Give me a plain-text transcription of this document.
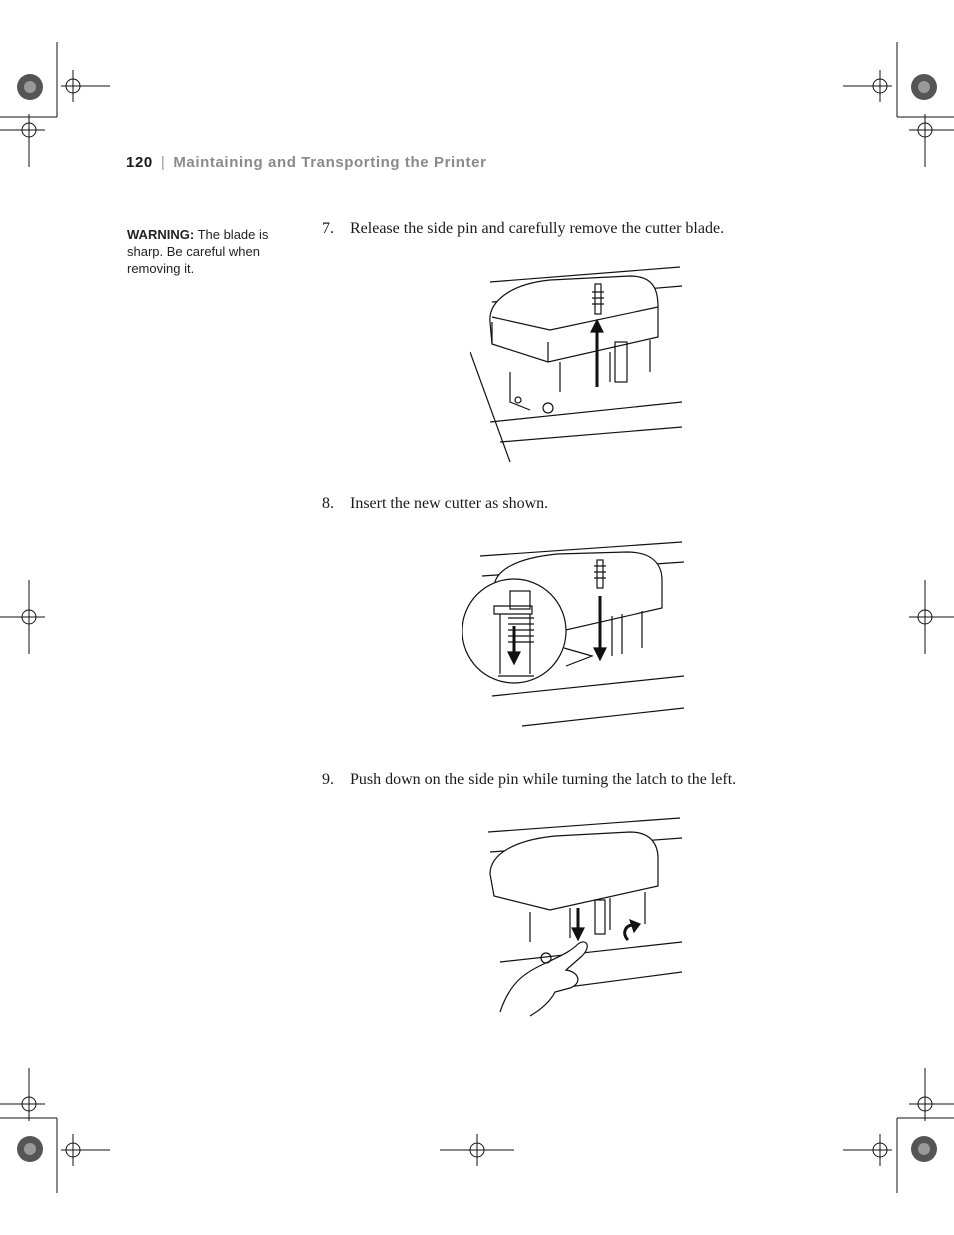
120 | Maintaining and Transporting the Printer
WARNING: The blade is sharp. Be careful when removing it.
7. Release the side pin and carefully remove the cutter blade.
8. Insert the new cutter as shown.
9. Push down on the side pin while turning the latch to the left.
